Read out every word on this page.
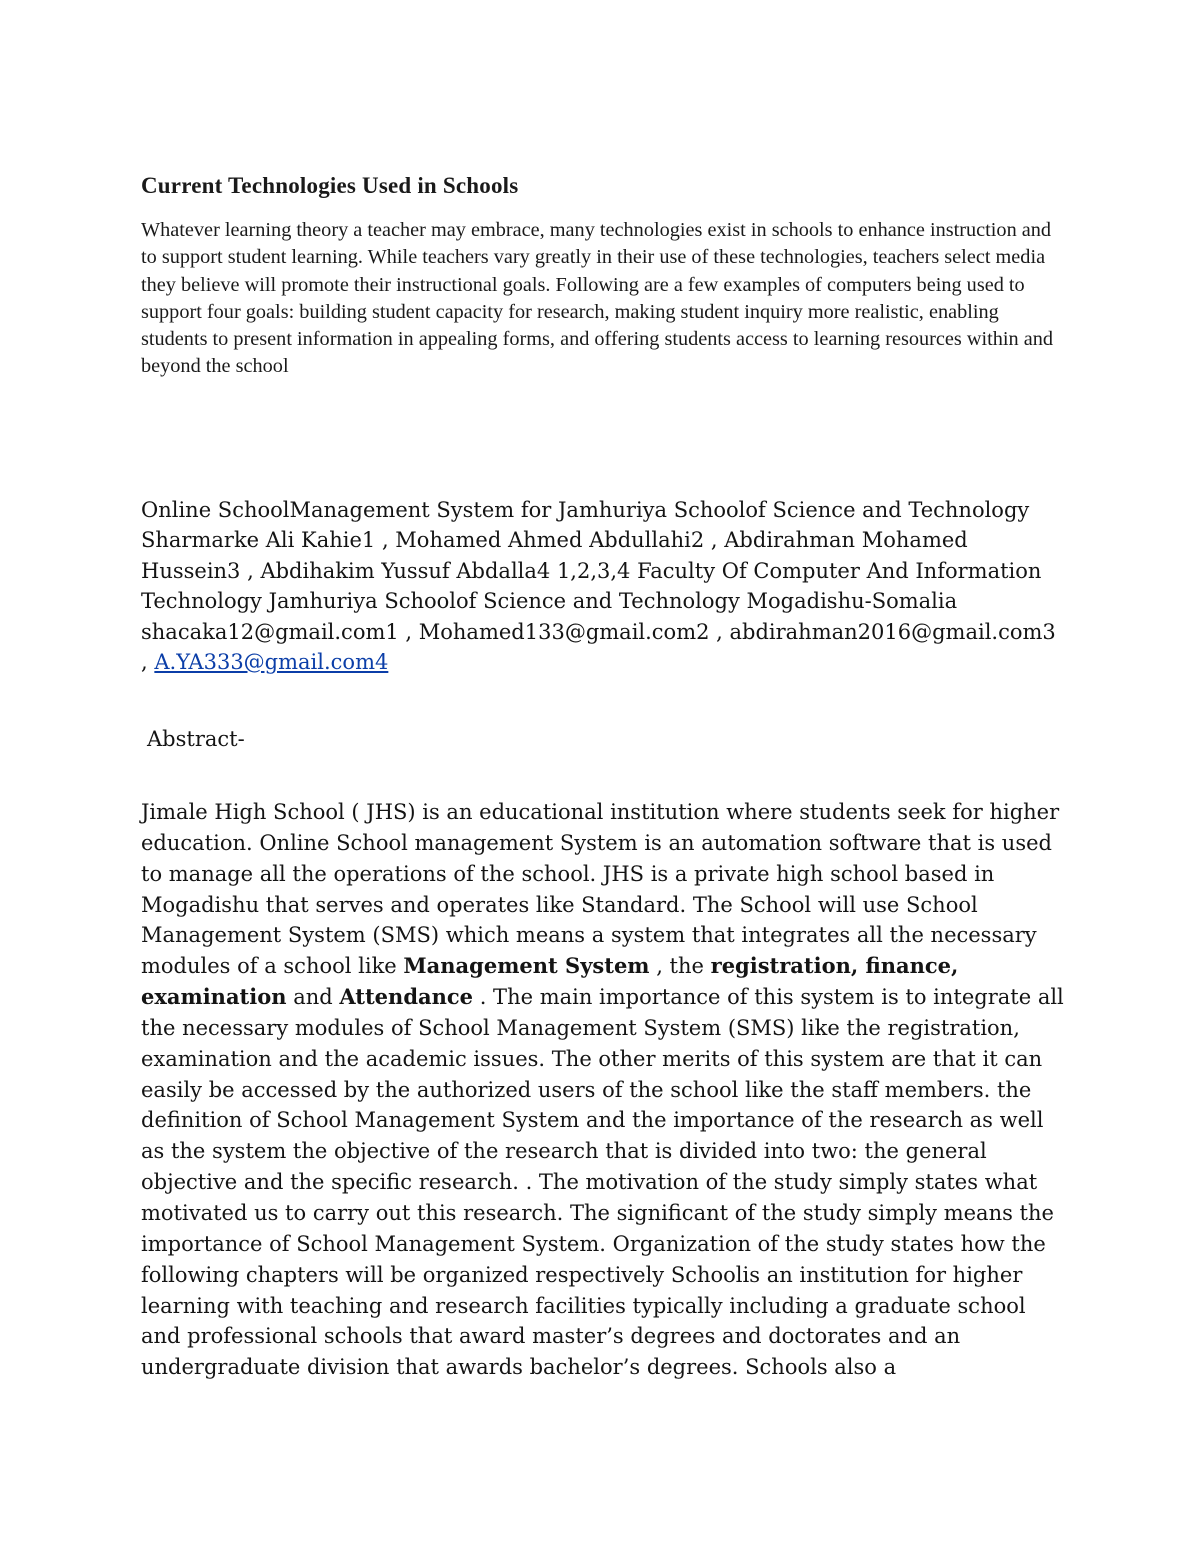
Current Technologies Used in Schools

Whatever learning theory a teacher may embrace, many technologies exist in schools to enhance instruction and to support student learning. While teachers vary greatly in their use of these technologies, teachers select media they believe will promote their instructional goals. Following are a few examples of computers being used to support four goals: building student capacity for research, making student inquiry more realistic, enabling students to present information in appealing forms, and offering students access to learning resources within and beyond the school

Online SchoolManagement System for Jamhuriya Schoolof Science and Technology Sharmarke Ali Kahie1 , Mohamed Ahmed Abdullahi2 , Abdirahman Mohamed Hussein3 , Abdihakim Yussuf Abdalla4 1,2,3,4 Faculty Of Computer And Information Technology Jamhuriya Schoolof Science and Technology Mogadishu-Somalia shacaka12@gmail.com1 , Mohamed133@gmail.com2 , abdirahman2016@gmail.com3 , A.YA333@gmail.com4

Abstract-

Jimale High School ( JHS) is an educational institution where students seek for higher education. Online School management System is an automation software that is used to manage all the operations of the school. JHS is a private high school based in Mogadishu that serves and operates like Standard. The School will use School Management System (SMS) which means a system that integrates all the necessary modules of a school like Management System , the registration, finance, examination and Attendance . The main importance of this system is to integrate all the necessary modules of School Management System (SMS) like the registration, examination and the academic issues. The other merits of this system are that it can easily be accessed by the authorized users of the school like the staff members. the definition of School Management System and the importance of the research as well as the system the objective of the research that is divided into two: the general objective and the specific research. . The motivation of the study simply states what motivated us to carry out this research. The significant of the study simply means the importance of School Management System. Organization of the study states how the following chapters will be organized respectively Schoolis an institution for higher learning with teaching and research facilities typically including a graduate school and professional schools that award master’s degrees and doctorates and an undergraduate division that awards bachelor’s degrees. Schools also a
